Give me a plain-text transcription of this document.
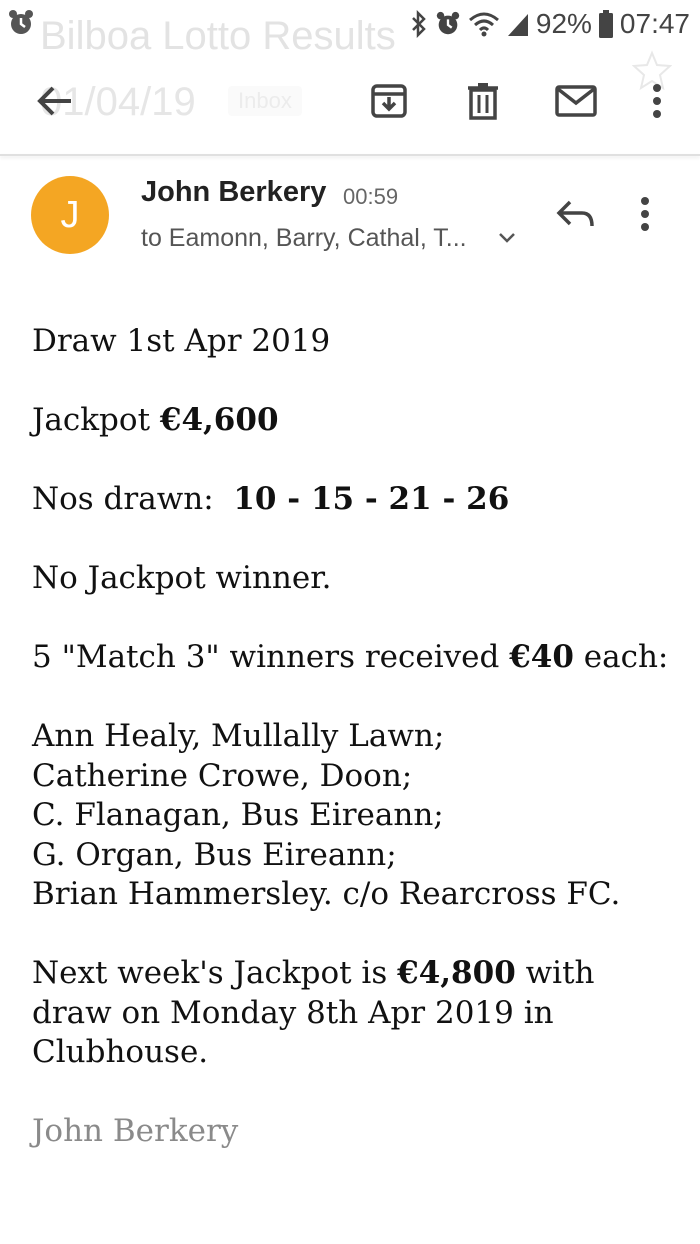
92% 07:47
Bilboa Lotto Results
01/04/19	Inbox
J
John Berkery 00:59
to Eamonn, Barry, Cathal, T...

Draw 1st Apr 2019

Jackpot €4,600

Nos drawn:  10 - 15 - 21 - 26

No Jackpot winner.

5 "Match 3" winners received €40 each:

Ann Healy, Mullally Lawn;

Catherine Crowe, Doon;

C. Flanagan, Bus Eireann;

G. Organ, Bus Eireann;

Brian Hammersley. c/o Rearcross FC.

Next week's Jackpot is €4,800 with draw on Monday 8th Apr 2019 in Clubhouse.

John Berkery
